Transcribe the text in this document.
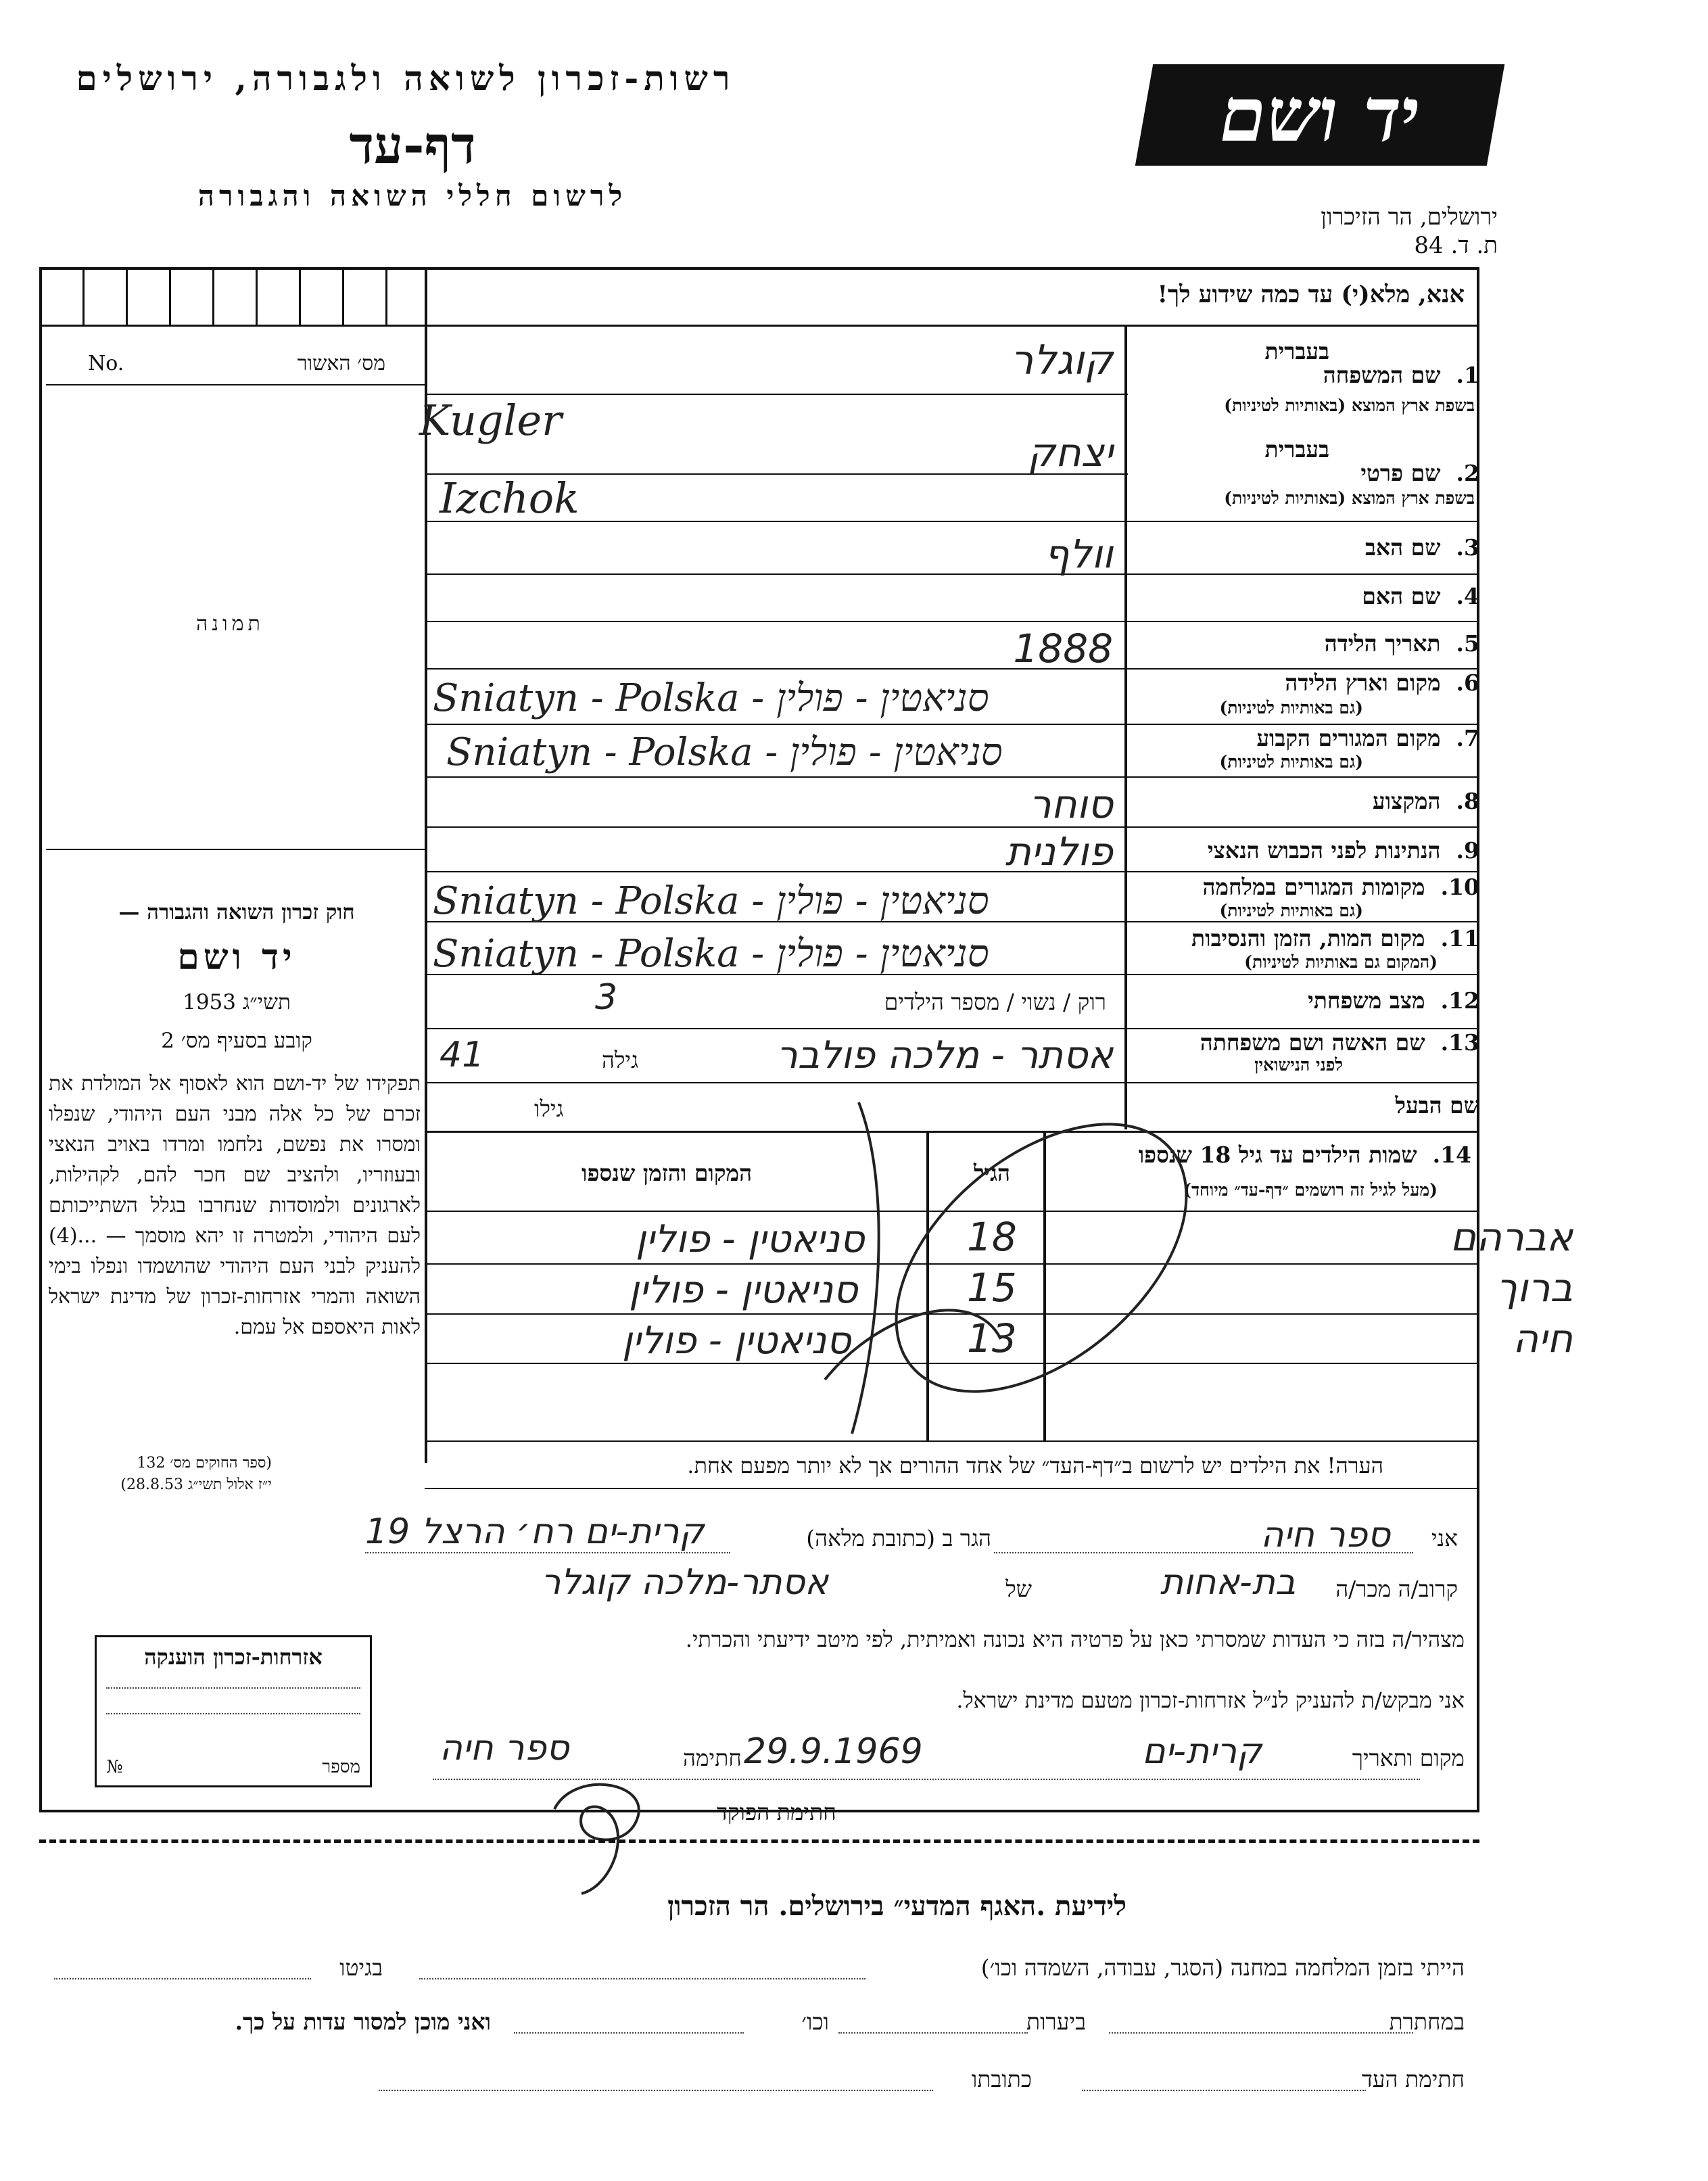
רשות-זכרון לשואה ולגבורה, ירושלים
דף-עד
לרשום חללי השואה והגבורה
יד ושם
ירושלים, הר הזיכרון
ת. ד. 84
אנא, מלא(י) עד כמה שידוע לך!
No.	מס׳ האשור
תמונה
חוק זכרון השואה והגבורה —
יד ושם
תשי״ג 1953
קובע בסעיף מס׳ 2
תפקידו של יד-ושם הוא לאסוף אל המולדת את זכרם של כל אלה מבני העם היהודי, שנפלו ומסרו את נפשם, נלחמו ומרדו באויב הנאצי ובעוזריו, ולהציב שם חכר להם, לקהילות, לארגונים ולמוסדות שנחרבו בגלל השתייכותם לעם היהודי, ולמטרה זו יהא מוסמך — ...(4) להעניק לבני העם היהודי שהושמדו ונפלו בימי השואה והמרי אזרחות-זכרון של מדינת ישראל לאות היאספם אל עמם.
(ספר החוקים מס׳ 132
י״ז אלול תשי״ג 28.8.53)
בעברית
1.  שם המשפחה
בשפת ארץ המוצא (באותיות לטיניות)
בעברית
2.  שם פרטי
בשפת ארץ המוצא (באותיות לטיניות)
3.  שם האב
4.  שם האם
5.  תאריך הלידה
6.  מקום וארץ הלידה
(גם באותיות לטיניות)
7.  מקום המגורים הקבוע
(גם באותיות לטיניות)
8.  המקצוע
9.  הנתינות לפני הכבוש הנאצי
10.  מקומות המגורים במלחמה
(גם באותיות לטיניות)
11.  מקום המות, הזמן והנסיבות
(המקום גם באותיות לטיניות)
12.  מצב משפחתי
13.  שם האשה ושם משפחתה
לפני הנישואין
שם הבעל
קוגלר
Kugler
יצחק
Izchok
וולף
1888
Sniatyn - Polska - סניאטין - פולין
Sniatyn - Polska - סניאטין - פולין
סוחר
פולנית
Sniatyn - Polska - סניאטין - פולין
Sniatyn - Polska - סניאטין - פולין
רוק / נשוי / מספר הילדים
3
אסתר - מלכה פולבר
גילה
41
גילו
14.  שמות הילדים עד גיל 18 שנספו
(מעל לגיל זה רושמים ״דף-עד״ מיוחד)
הגיל
המקום והזמן שנספו
אברהם
18
סניאטין - פולין
ברוך
15
סניאטין - פולין
חיה
13
סניאטין - פולין
הערה! את הילדים יש לרשום ב״דף-העד״ של אחד ההורים אך לא יותר מפעם אחת.
אני
ספר חיה
הגר ב (כתובת מלאה)
קרית-ים רח׳ הרצל 19
קרוב/ה מכר/ה
בת-אחות
של
אסתר-מלכה קוגלר
מצהיר/ה בזה כי העדות שמסרתי כאן על פרטיה היא נכונה ואמיתית, לפי מיטב ידיעתי והכרתי.
אני מבקש/ת להעניק לנ״ל אזרחות-זכרון מטעם מדינת ישראל.
מקום ותאריך
קרית-ים
29.9.1969
חתימה
ספר חיה
חתימת הפוקד
אזרחות-זכרון הוענקה
מספר
№
לידיעת .האגף המדעי״ בירושלים. הר הזכרון
הייתי בזמן המלחמה במחנה (הסגר, עבודה, השמדה וכו׳)
בגיטו
במחתרת
ביערות
וכו׳
ואני מוכן למסור עדות על כך.
חתימת העד
כתובתו
